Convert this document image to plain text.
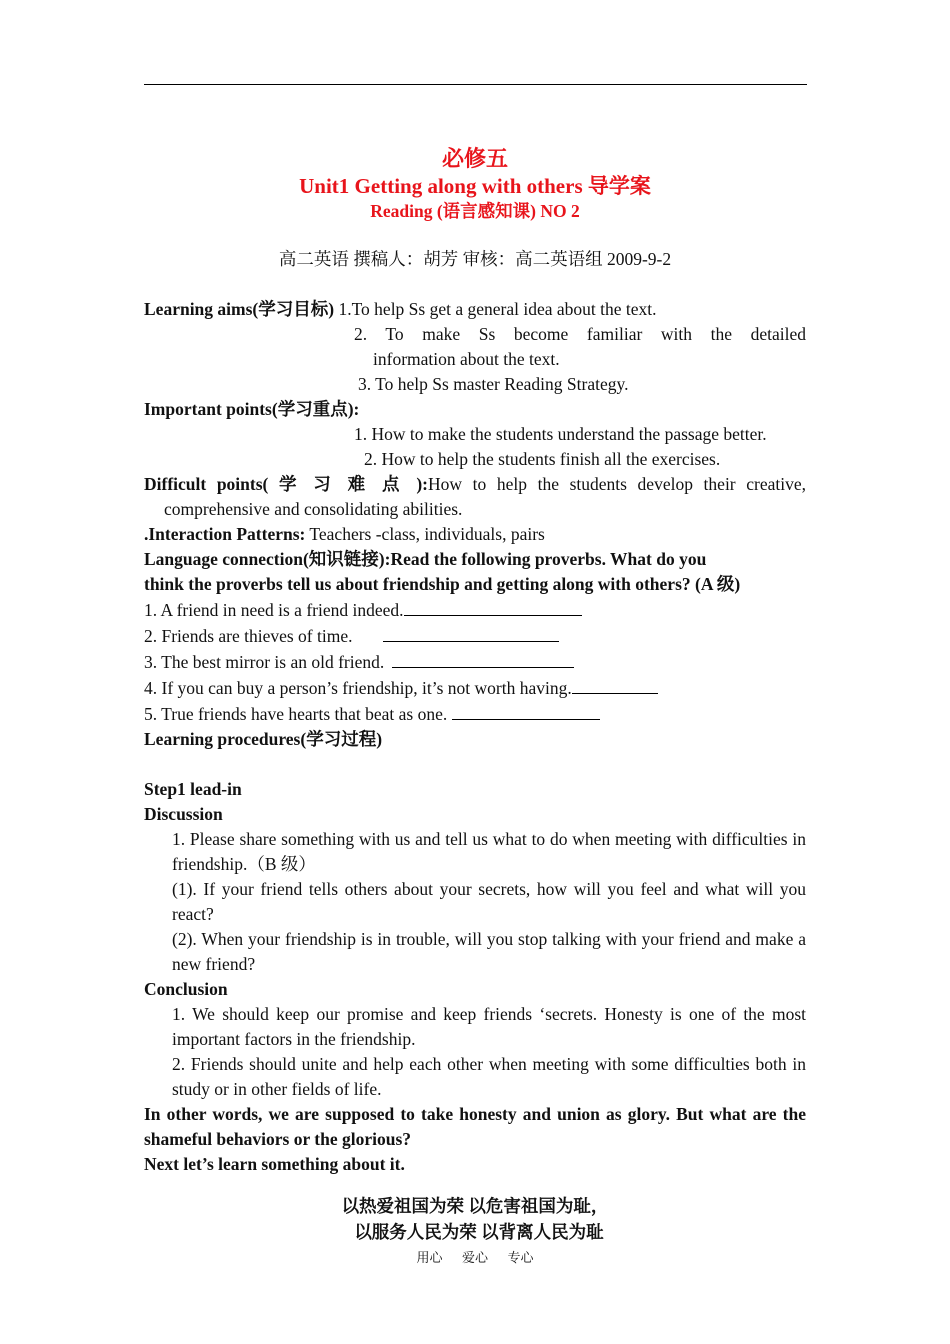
必修五
Unit1 Getting along with others 导学案
Reading (语言感知课) NO 2
高二英语 撰稿人：胡芳 审核：高二英语组 2009-9-2
Learning aims(学习目标) 1.To help Ss get a general idea about the text.
2. To make Ss become familiar with the detailed
information about the text.
3. To help Ss master Reading Strategy.
Important points(学习重点):
1. How to make the students understand the passage better.
2. How to help the students finish all the exercises.
Difficult points( 学 习 难 点 ):How to help the students develop their creative, comprehensive and consolidating abilities.
.Interaction Patterns: Teachers -class, individuals, pairs
Language connection(知识链接):Read the following proverbs. What do you
think the proverbs tell us about friendship and getting along with others? (A 级)
1. A friend in need is a friend indeed.
2. Friends are thieves of time.
3. The best mirror is an old friend.
4. If you can buy a person’s friendship, it’s not worth having.
5. True friends have hearts that beat as one.
Learning procedures(学习过程)
Step1 lead-in
Discussion
1. Please share something with us and tell us what to do when meeting with difficulties in friendship.（B 级）
(1). If your friend tells others about your secrets, how will you feel and what will you react?
(2). When your friendship is in trouble, will you stop talking with your friend and make a new friend?
Conclusion
1. We should keep our promise and keep friends ‘secrets. Honesty is one of the most important factors in the friendship.
2. Friends should unite and help each other when meeting with some difficulties both in study or in other fields of life.
In other words, we are supposed to take honesty and union as glory. But what are the shameful behaviors or the glorious?
Next let’s learn something about it.
以热爱祖国为荣 以危害祖国为耻，
以服务人民为荣 以背离人民为耻
用心      爱心      专心
